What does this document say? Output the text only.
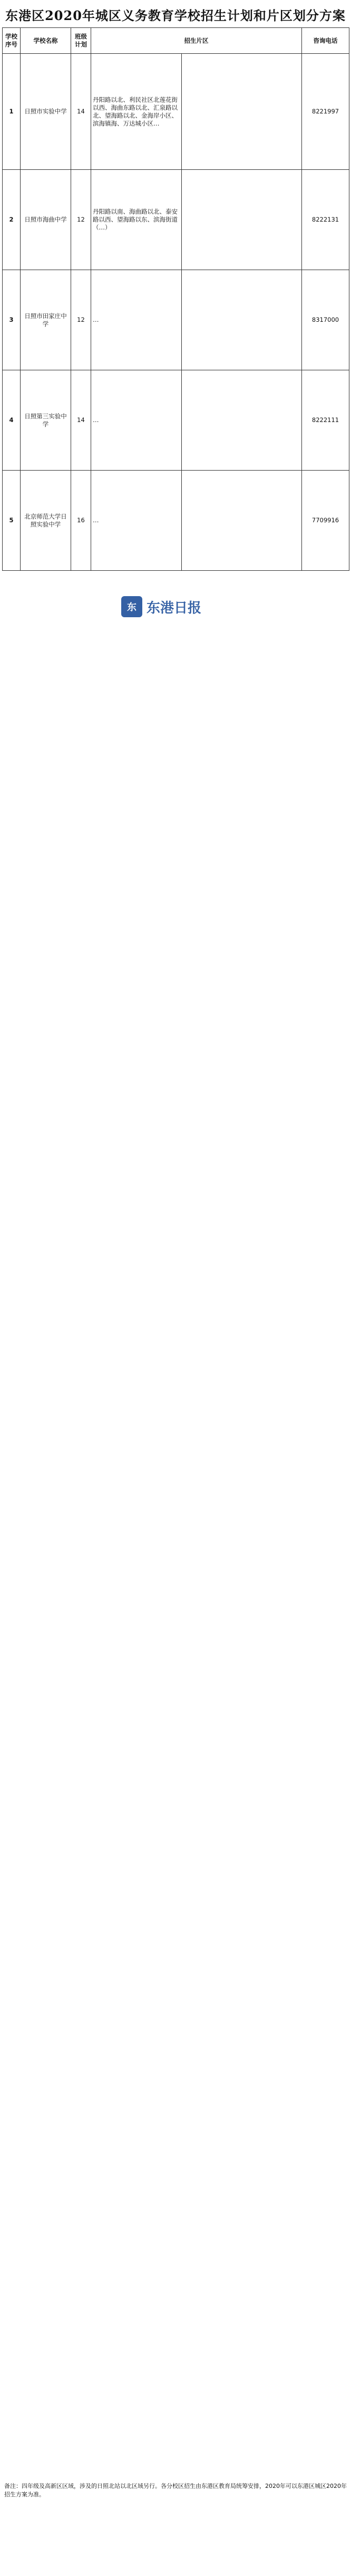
东港区2020年城区义务教育学校招生计划和片区划分方案
学校序号	学校名称	班级计划	招生片区		咨询电话
1	日照市实验中学	14	丹阳路以北、利民社区北莲花街以西、海曲东路以北、汇泉路以北、望海路以北、金海岸小区、滨海镇海、万达城小区…		8221997
2	日照市海曲中学	12	丹阳路以南、海曲路以北、泰安路以西、望海路以东、滨海街道（…）		8222131
3	日照市田家庄中学	12	…		8317000
4	日照第三实验中学	14	…		8222111
5	北京师范大学日照实验中学	16	…		7709916
东 东港日报
备注：四年级及高新区区域，涉及的日照北站以北区域另行。各分校区招生由东港区教育局统筹安排，2020年可以东港区城区2020年招生方案为准。
